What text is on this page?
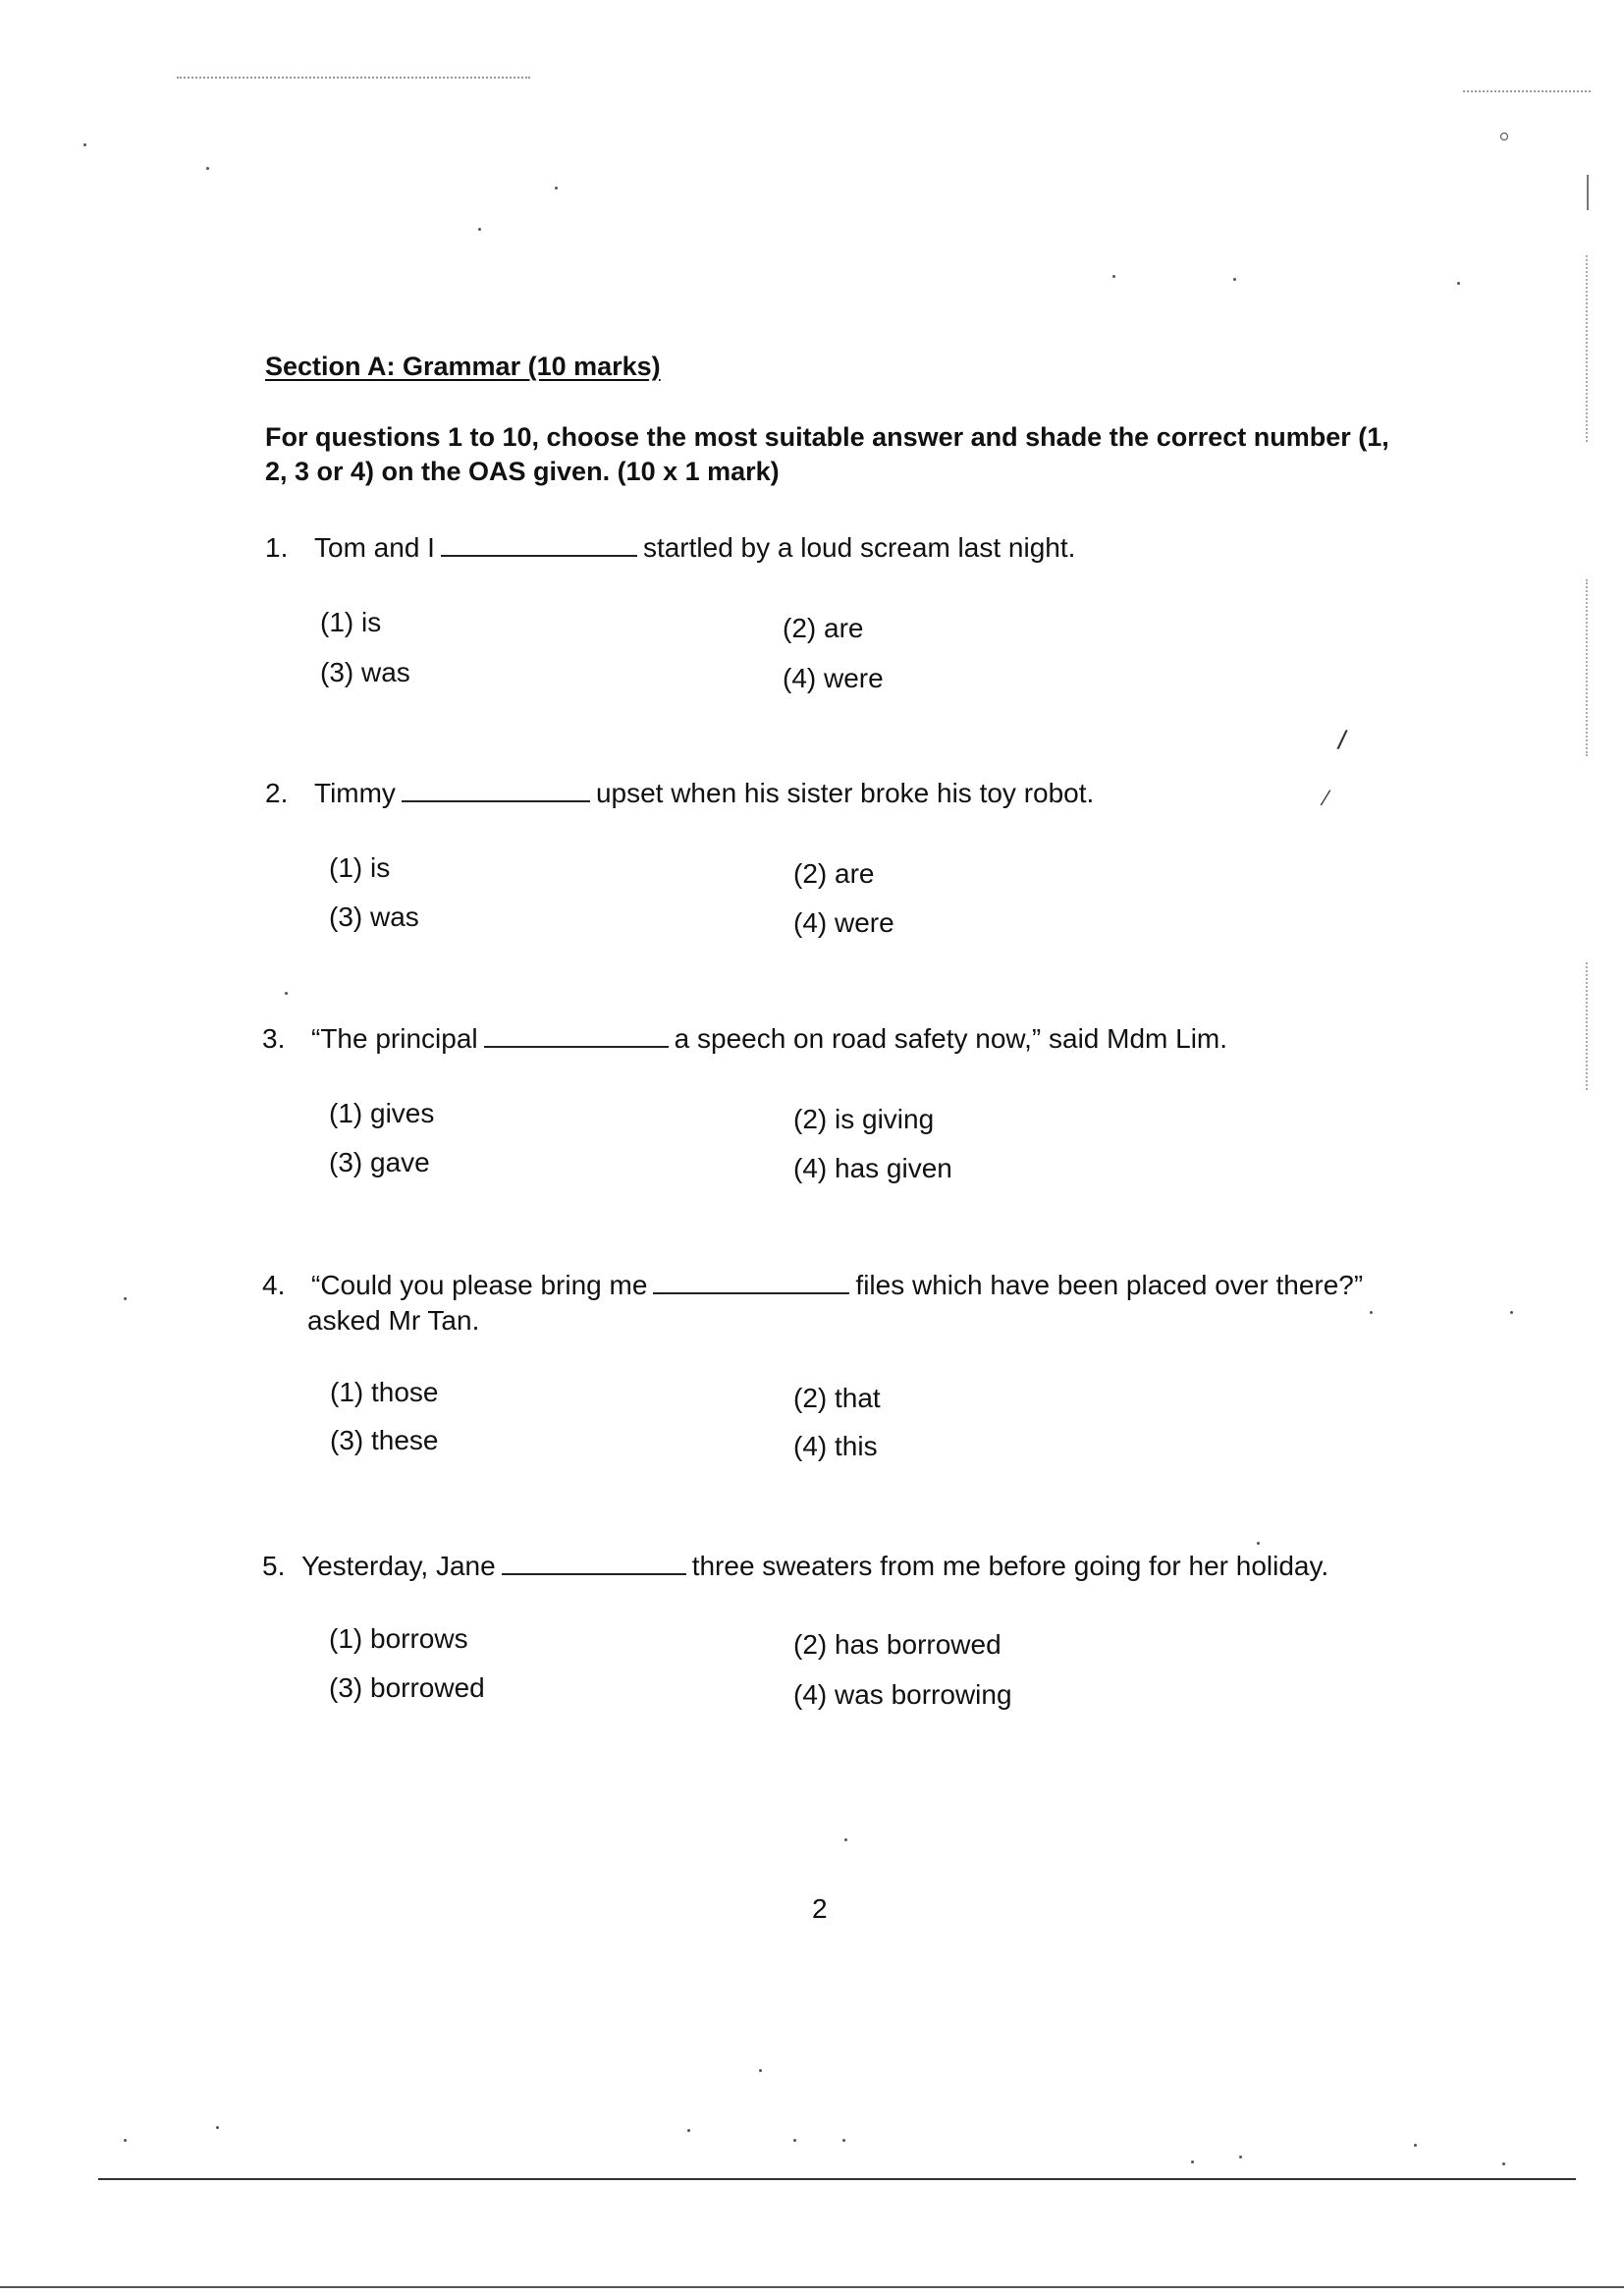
/
⁄
Section A: Grammar (10 marks)
For questions 1 to 10, choose the most suitable answer and shade the correct number (1, 2, 3 or 4) on the OAS given. (10 x 1 mark)
1. Tom and I	startled by a loud scream last night.
(1) is	(2) are
(3) was	(4) were
2. Timmy	upset when his sister broke his toy robot.
(1) is	(2) are
(3) was	(4) were
3. “The principal	a speech on road safety now,” said Mdm Lim.
(1) gives	(2) is giving
(3) gave	(4) has given
4. “Could you please bring me	files which have been placed over there?”
asked Mr Tan.
(1) those	(2) that
(3) these	(4) this
5. Yesterday, Jane	three sweaters from me before going for her holiday.
(1) borrows	(2) has borrowed
(3) borrowed	(4) was borrowing
2
